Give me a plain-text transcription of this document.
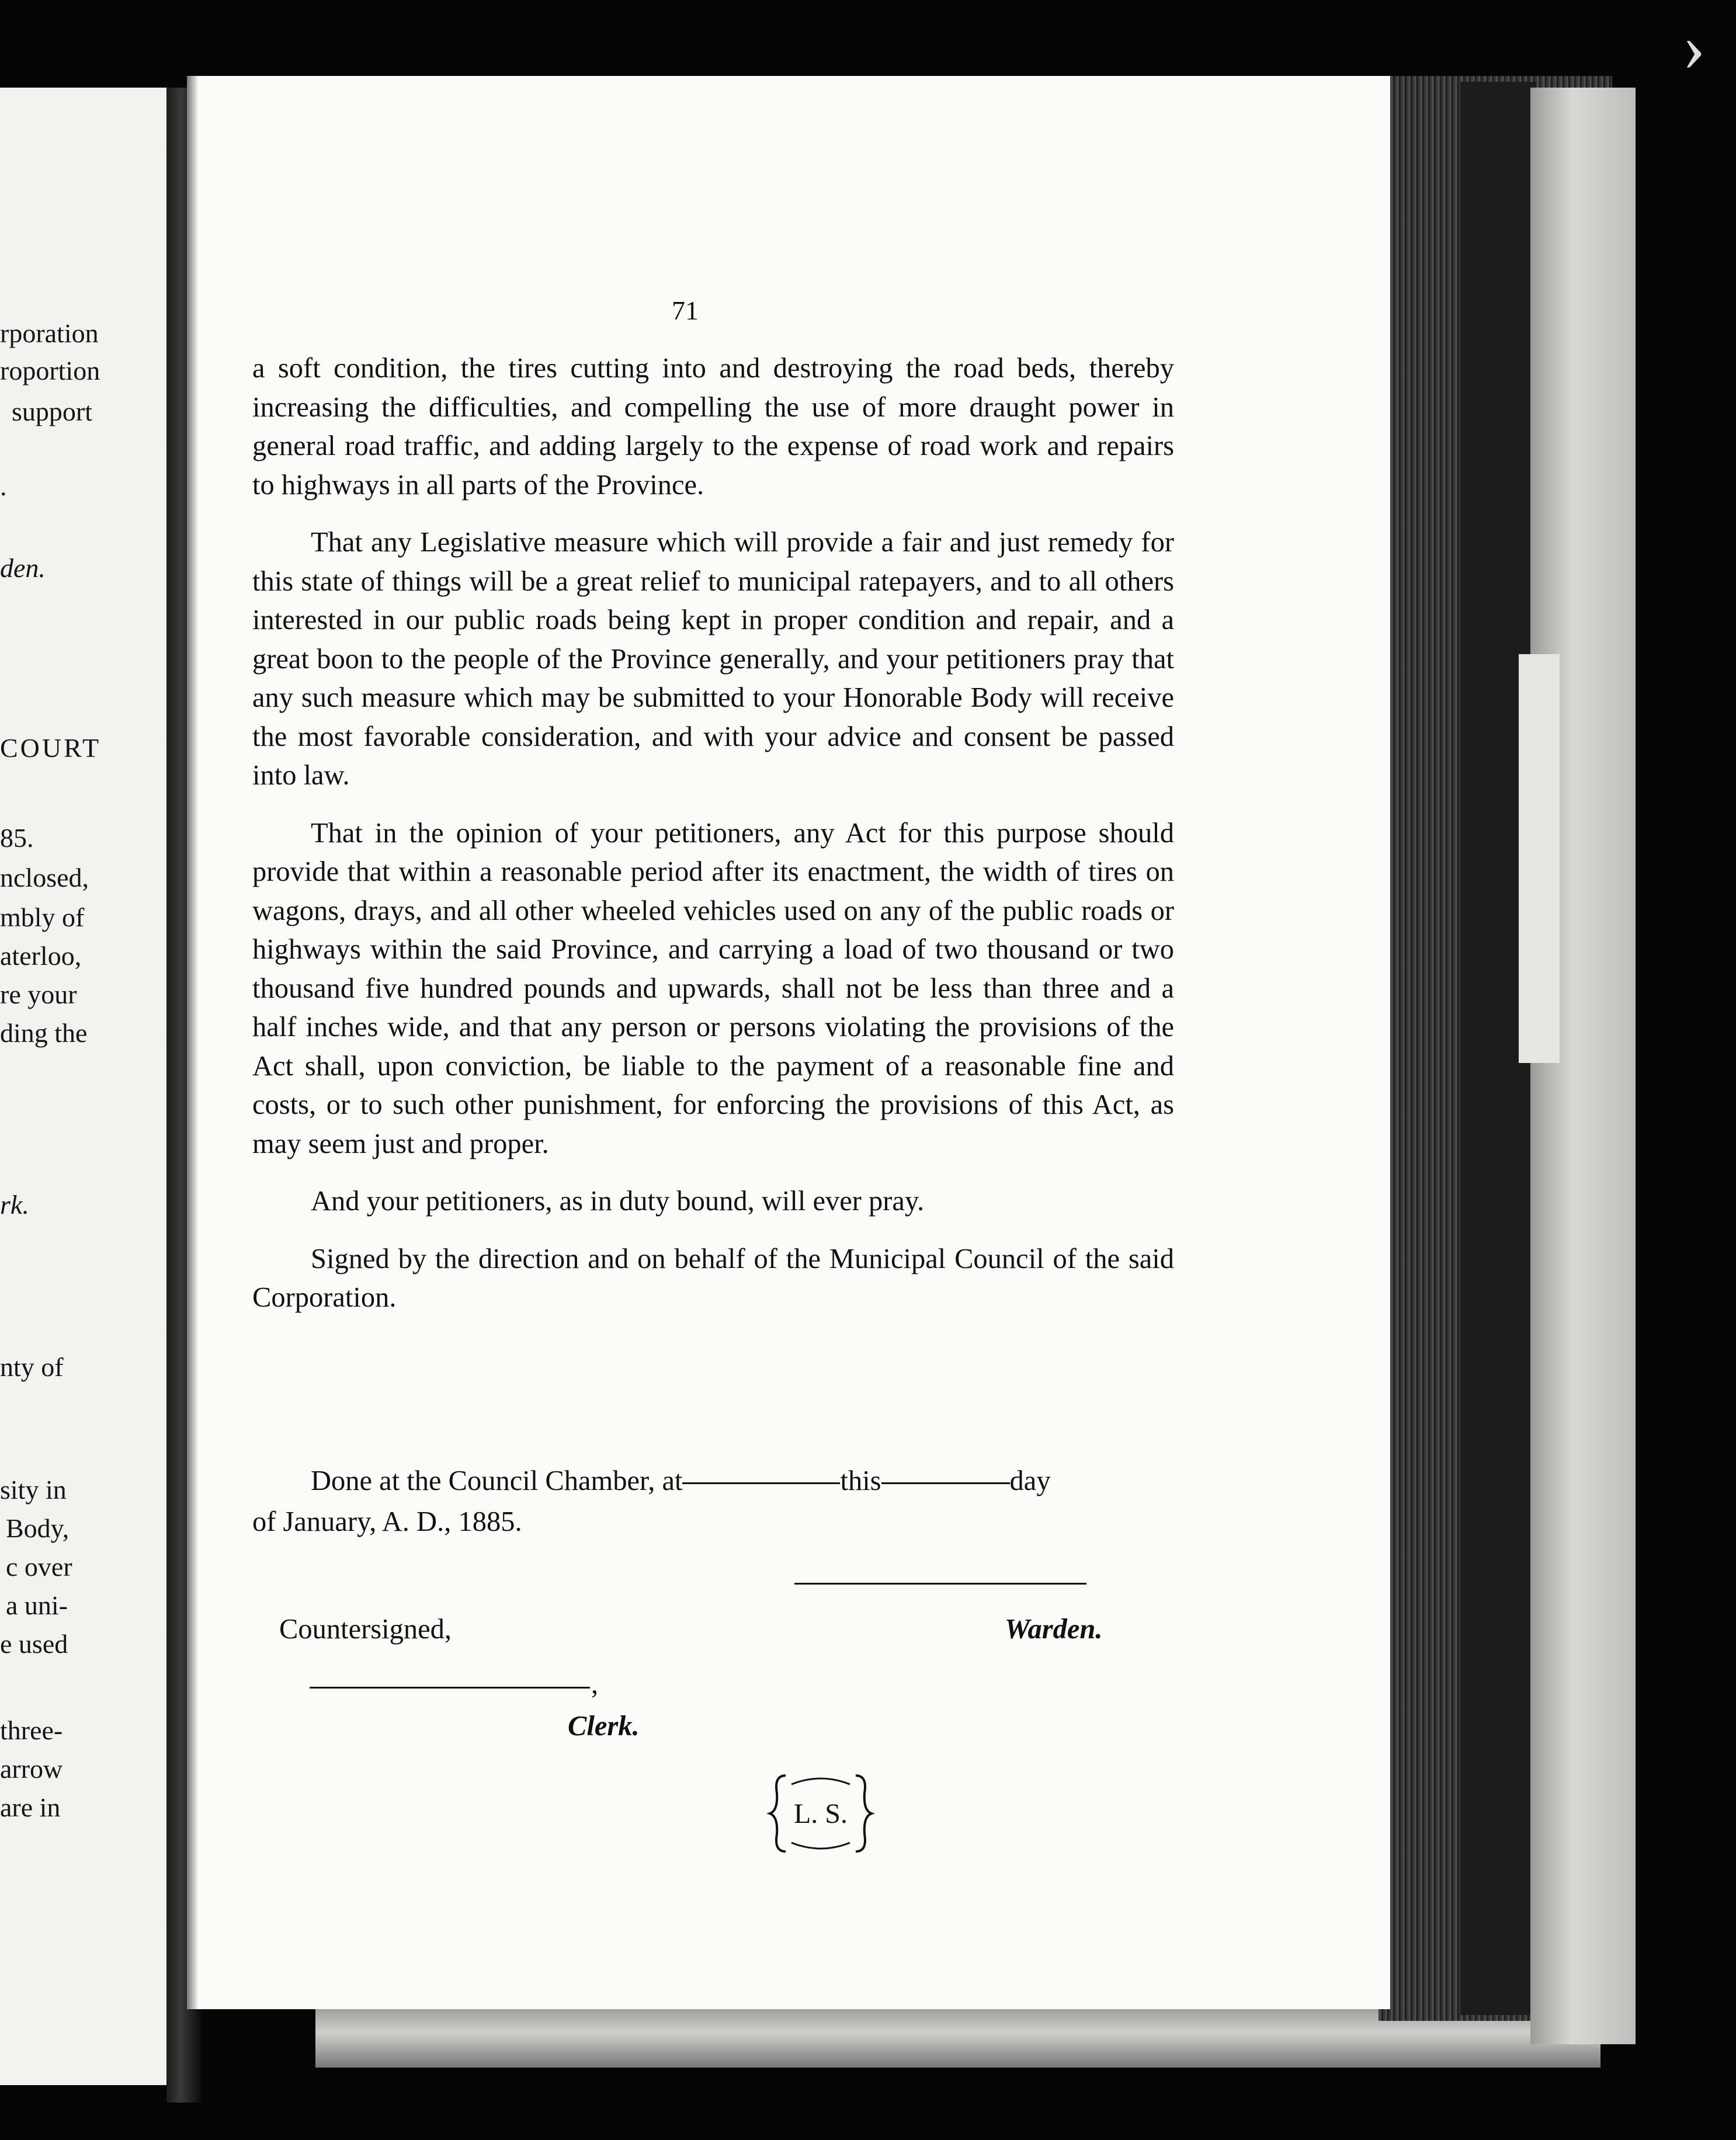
›
rporation
roportion
support
.
den.
COURT
85.
nclosed,
mbly of
aterloo,
re your
ding the
rk.
nty of
sity in
Body,
c over
a uni-
e used
three-
arrow
are in
71

a soft condition, the tires cutting into and destroying the road beds, thereby increasing the difficulties, and compelling the use of more draught power in general road traffic, and adding largely to the expense of road work and repairs to highways in all parts of the Province.

That any Legislative measure which will provide a fair and just remedy for this state of things will be a great relief to municipal ratepayers, and to all others interested in our public roads being kept in proper condition and repair, and a great boon to the people of the Province generally, and your petitioners pray that any such measure which may be submitted to your Honorable Body will receive the most favorable consideration, and with your advice and consent be passed into law.

That in the opinion of your petitioners, any Act for this purpose should provide that within a reasonable period after its enactment, the width of tires on wagons, drays, and all other wheeled vehicles used on any of the public roads or highways within the said Province, and carrying a load of two thousand or two thousand five hundred pounds and upwards, shall not be less than three and a half inches wide, and that any person or persons violating the provisions of the Act shall, upon conviction, be liable to the payment of a reasonable fine and costs, or to such other punishment, for enforcing the provisions of this Act, as may seem just and proper.

And your petitioners, as in duty bound, will ever pray.

Signed by the direction and on behalf of the Municipal Council of the said Corporation.

Done at the Council Chamber, at	this	day
of January, A. D., 1885.
Countersigned,	Warden.
,
Clerk.
L. S.
